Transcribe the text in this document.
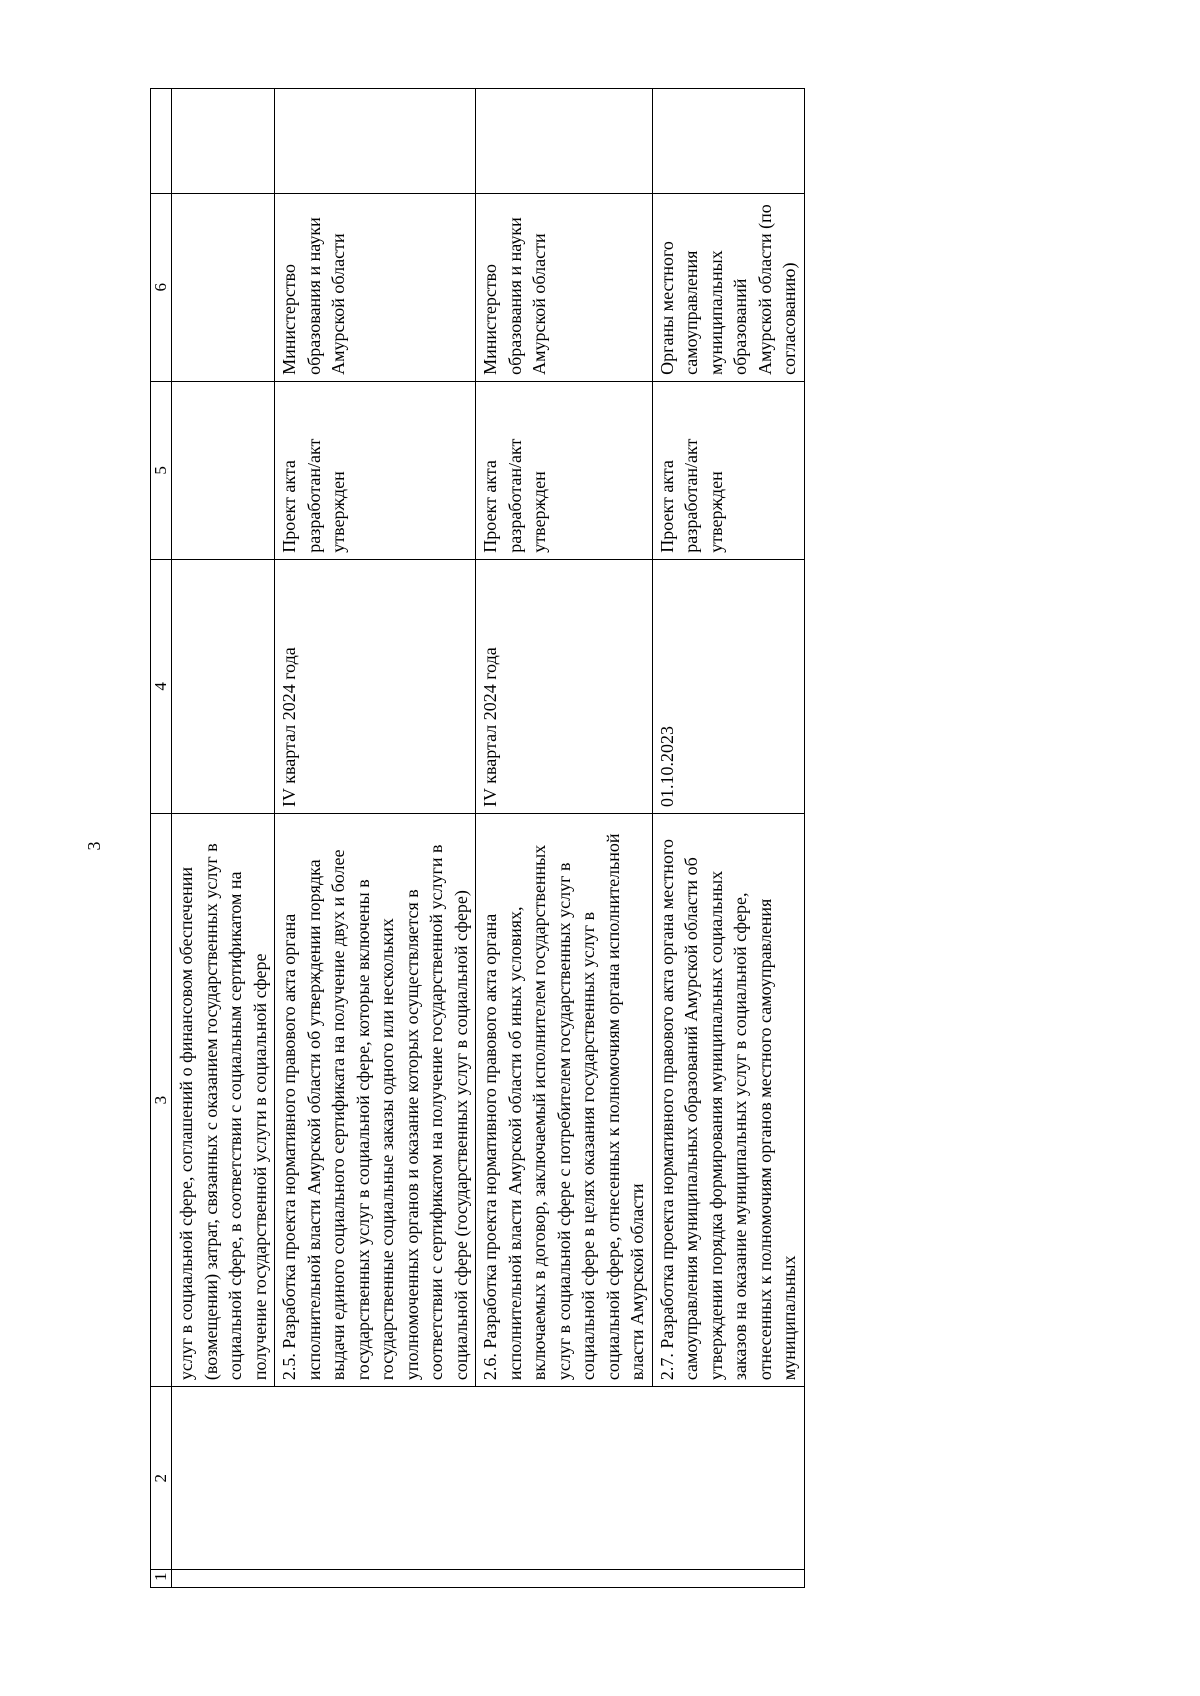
3
1	2	3	4	5	6	
		услуг в социальной сфере, соглашений о финансовом обеспечении (возмещении) затрат, связанных с оказанием государственных услуг в социальной сфере, в соответствии с социальным сертификатом на получение государственной услуги в социальной сфере				
		2.5. Разработка проекта нормативного правового акта органа исполнительной власти Амурской области об утверждении порядка выдачи единого социального сертификата на получение двух и более государственных услуг в социальной сфере, которые включены в государственные социальные заказы одного или нескольких уполномоченных органов и оказание которых осуществляется в соответствии с сертификатом на получение государственной услуги в социальной сфере (государственных услуг в социальной сфере)	IV квартал 2024 года	Проект акта разработан/акт утвержден	Министерство образования и науки Амурской области	
		2.6. Разработка проекта нормативного правового акта органа исполнительной власти Амурской области об иных условиях, включаемых в договор, заключаемый исполнителем государственных услуг в социальной сфере с потребителем государственных услуг в социальной сфере в целях оказания государственных услуг в социальной сфере, отнесенных к полномочиям органа исполнительной власти Амурской области	IV квартал 2024 года	Проект акта разработан/акт утвержден	Министерство образования и науки Амурской области	
		2.7. Разработка проекта нормативного правового акта органа местного самоуправления муниципальных образований Амурской области об утверждении порядка формирования муниципальных социальных заказов на оказание муниципальных услуг в социальной сфере, отнесенных к полномочиям органов местного самоуправления муниципальных	01.10.2023	Проект акта разработан/акт утвержден	Органы местного самоуправления муниципальных образований Амурской области (по согласованию)	
